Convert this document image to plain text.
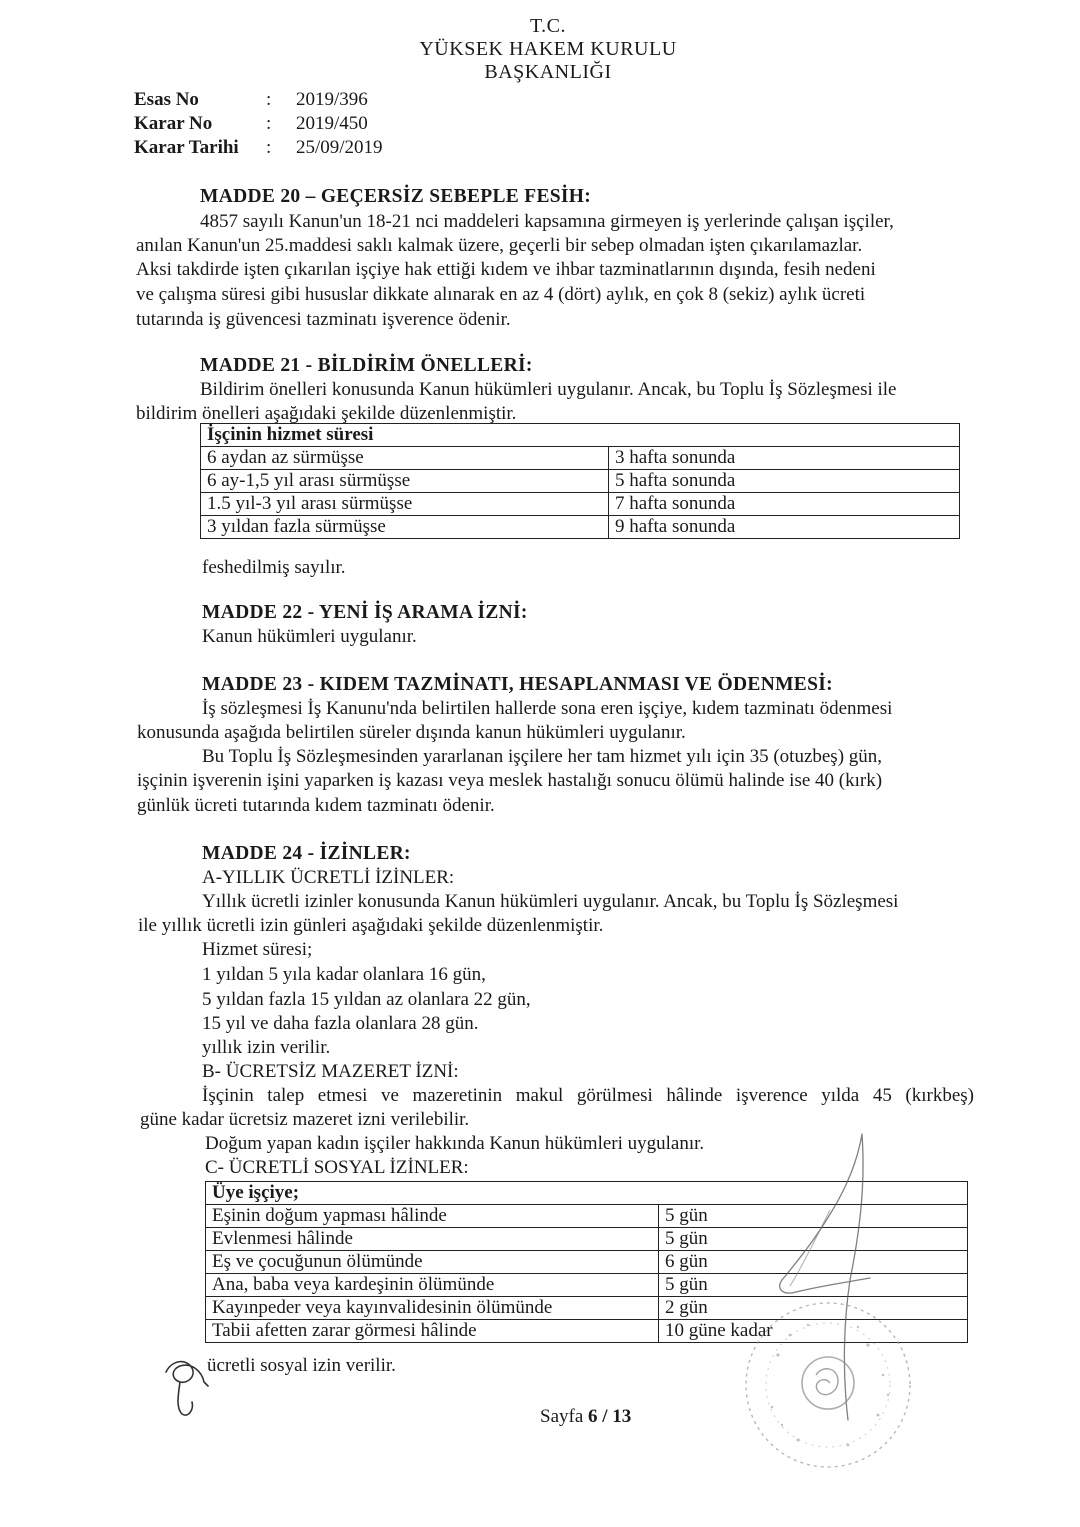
T.C.
YÜKSEK HAKEM KURULU
BAŞKANLIĞI
Esas No	: 2019/396
Karar No	: 2019/450
Karar Tarihi : 25/09/2019
MADDE 20 – GEÇERSİZ SEBEPLE FESİH:
4857 sayılı Kanun'un 18-21 nci maddeleri kapsamına girmeyen iş yerlerinde çalışan işçiler,
anılan Kanun'un 25.maddesi saklı kalmak üzere, geçerli bir sebep olmadan işten çıkarılamazlar.
Aksi takdirde işten çıkarılan işçiye hak ettiği kıdem ve ihbar tazminatlarının dışında, fesih nedeni
ve çalışma süresi gibi hususlar dikkate alınarak en az 4 (dört) aylık, en çok 8 (sekiz) aylık ücreti
tutarında iş güvencesi tazminatı işverence ödenir.
MADDE 21 - BİLDİRİM ÖNELLERİ:
Bildirim önelleri konusunda Kanun hükümleri uygulanır. Ancak, bu Toplu İş Sözleşmesi ile
bildirim önelleri aşağıdaki şekilde düzenlenmiştir.
İşçinin hizmet süresi	
6 aydan az sürmüşse	3 hafta sonunda
6 ay-1,5 yıl arası sürmüşse	5 hafta sonunda
1.5 yıl-3 yıl arası sürmüşse	7 hafta sonunda
3 yıldan fazla sürmüşse	9 hafta sonunda
feshedilmiş sayılır.
MADDE 22 - YENİ İŞ ARAMA İZNİ:
Kanun hükümleri uygulanır.
MADDE 23 - KIDEM TAZMİNATI, HESAPLANMASI VE ÖDENMESİ:
İş sözleşmesi İş Kanunu'nda belirtilen hallerde sona eren işçiye, kıdem tazminatı ödenmesi
konusunda aşağıda belirtilen süreler dışında kanun hükümleri uygulanır.
Bu Toplu İş Sözleşmesinden yararlanan işçilere her tam hizmet yılı için 35 (otuzbeş) gün,
işçinin işverenin işini yaparken iş kazası veya meslek hastalığı sonucu ölümü halinde ise 40 (kırk)
günlük ücreti tutarında kıdem tazminatı ödenir.
MADDE 24 - İZİNLER:
A-YILLIK ÜCRETLİ İZİNLER:
Yıllık ücretli izinler konusunda Kanun hükümleri uygulanır. Ancak, bu Toplu İş Sözleşmesi
ile yıllık ücretli izin günleri aşağıdaki şekilde düzenlenmiştir.
Hizmet süresi;
1 yıldan 5 yıla kadar olanlara 16 gün,
5 yıldan fazla 15 yıldan az olanlara 22 gün,
15 yıl ve daha fazla olanlara 28 gün.
yıllık izin verilir.
B- ÜCRETSİZ MAZERET İZNİ:
İşçinin talep etmesi ve mazeretinin makul görülmesi hâlinde işverence yılda 45 (kırkbeş)
güne kadar ücretsiz mazeret izni verilebilir.
Doğum yapan kadın işçiler hakkında Kanun hükümleri uygulanır.
C- ÜCRETLİ SOSYAL İZİNLER:
Üye işçiye;	
Eşinin doğum yapması hâlinde	5 gün
Evlenmesi hâlinde	5 gün
Eş ve çocuğunun ölümünde	6 gün
Ana, baba veya kardeşinin ölümünde	5 gün
Kayınpeder veya kayınvalidesinin ölümünde	2 gün
Tabii afetten zarar görmesi hâlinde	10 güne kadar
ücretli sosyal izin verilir.
Sayfa 6 / 13
